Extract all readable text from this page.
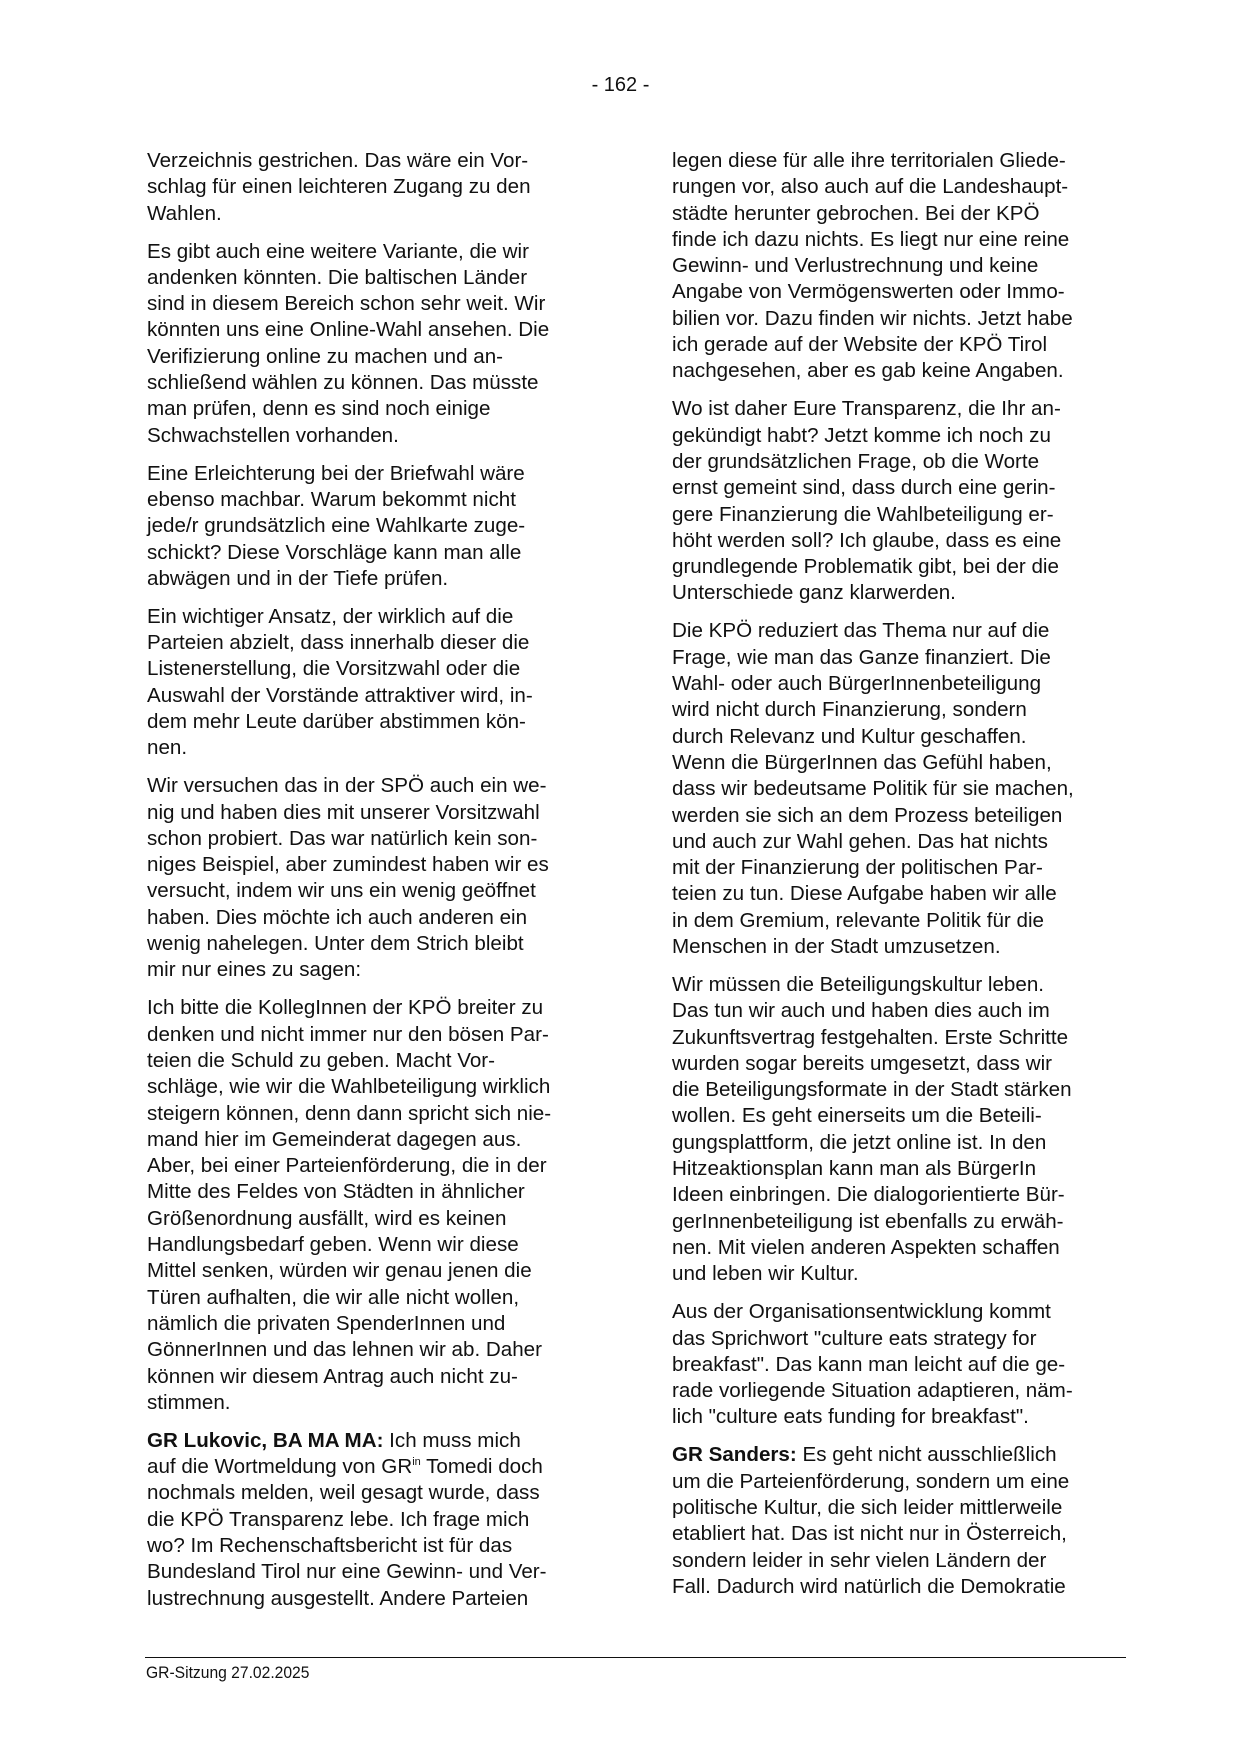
- 162 -
Verzeichnis gestrichen. Das wäre ein Vor-
schlag für einen leichteren Zugang zu den
Wahlen.
Es gibt auch eine weitere Variante, die wir
andenken könnten. Die baltischen Länder
sind in diesem Bereich schon sehr weit. Wir
könnten uns eine Online-Wahl ansehen. Die
Verifizierung online zu machen und an-
schließend wählen zu können. Das müsste
man prüfen, denn es sind noch einige
Schwachstellen vorhanden.
Eine Erleichterung bei der Briefwahl wäre
ebenso machbar. Warum bekommt nicht
jede/r grundsätzlich eine Wahlkarte zuge-
schickt? Diese Vorschläge kann man alle
abwägen und in der Tiefe prüfen.
Ein wichtiger Ansatz, der wirklich auf die
Parteien abzielt, dass innerhalb dieser die
Listenerstellung, die Vorsitzwahl oder die
Auswahl der Vorstände attraktiver wird, in-
dem mehr Leute darüber abstimmen kön-
nen.
Wir versuchen das in der SPÖ auch ein we-
nig und haben dies mit unserer Vorsitzwahl
schon probiert. Das war natürlich kein son-
niges Beispiel, aber zumindest haben wir es
versucht, indem wir uns ein wenig geöffnet
haben. Dies möchte ich auch anderen ein
wenig nahelegen. Unter dem Strich bleibt
mir nur eines zu sagen:
Ich bitte die KollegInnen der KPÖ breiter zu
denken und nicht immer nur den bösen Par-
teien die Schuld zu geben. Macht Vor-
schläge, wie wir die Wahlbeteiligung wirklich
steigern können, denn dann spricht sich nie-
mand hier im Gemeinderat dagegen aus.
Aber, bei einer Parteienförderung, die in der
Mitte des Feldes von Städten in ähnlicher
Größenordnung ausfällt, wird es keinen
Handlungsbedarf geben. Wenn wir diese
Mittel senken, würden wir genau jenen die
Türen aufhalten, die wir alle nicht wollen,
nämlich die privaten SpenderInnen und
GönnerInnen und das lehnen wir ab. Daher
können wir diesem Antrag auch nicht zu-
stimmen.
GR Lukovic, BA MA MA: Ich muss mich
auf die Wortmeldung von $GR^{in}$ Tomedi doch
nochmals melden, weil gesagt wurde, dass
die KPÖ Transparenz lebe. Ich frage mich
wo? Im Rechenschaftsbericht ist für das
Bundesland Tirol nur eine Gewinn- und Ver-
lustrechnung ausgestellt. Andere Parteien
legen diese für alle ihre territorialen Gliede-
rungen vor, also auch auf die Landeshaupt-
städte herunter gebrochen. Bei der KPÖ
finde ich dazu nichts. Es liegt nur eine reine
Gewinn- und Verlustrechnung und keine
Angabe von Vermögenswerten oder Immo-
bilien vor. Dazu finden wir nichts. Jetzt habe
ich gerade auf der Website der KPÖ Tirol
nachgesehen, aber es gab keine Angaben.
Wo ist daher Eure Transparenz, die Ihr an-
gekündigt habt? Jetzt komme ich noch zu
der grundsätzlichen Frage, ob die Worte
ernst gemeint sind, dass durch eine gerin-
gere Finanzierung die Wahlbeteiligung er-
höht werden soll? Ich glaube, dass es eine
grundlegende Problematik gibt, bei der die
Unterschiede ganz klarwerden.
Die KPÖ reduziert das Thema nur auf die
Frage, wie man das Ganze finanziert. Die
Wahl- oder auch BürgerInnenbeteiligung
wird nicht durch Finanzierung, sondern
durch Relevanz und Kultur geschaffen.
Wenn die BürgerInnen das Gefühl haben,
dass wir bedeutsame Politik für sie machen,
werden sie sich an dem Prozess beteiligen
und auch zur Wahl gehen. Das hat nichts
mit der Finanzierung der politischen Par-
teien zu tun. Diese Aufgabe haben wir alle
in dem Gremium, relevante Politik für die
Menschen in der Stadt umzusetzen.
Wir müssen die Beteiligungskultur leben.
Das tun wir auch und haben dies auch im
Zukunftsvertrag festgehalten. Erste Schritte
wurden sogar bereits umgesetzt, dass wir
die Beteiligungsformate in der Stadt stärken
wollen. Es geht einerseits um die Beteili-
gungsplattform, die jetzt online ist. In den
Hitzeaktionsplan kann man als BürgerIn
Ideen einbringen. Die dialogorientierte Bür-
gerInnenbeteiligung ist ebenfalls zu erwäh-
nen. Mit vielen anderen Aspekten schaffen
und leben wir Kultur.
Aus der Organisationsentwicklung kommt
das Sprichwort "culture eats strategy for
breakfast". Das kann man leicht auf die ge-
rade vorliegende Situation adaptieren, näm-
lich "culture eats funding for breakfast".
GR Sanders: Es geht nicht ausschließlich
um die Parteienförderung, sondern um eine
politische Kultur, die sich leider mittlerweile
etabliert hat. Das ist nicht nur in Österreich,
sondern leider in sehr vielen Ländern der
Fall. Dadurch wird natürlich die Demokratie
GR-Sitzung 27.02.2025
